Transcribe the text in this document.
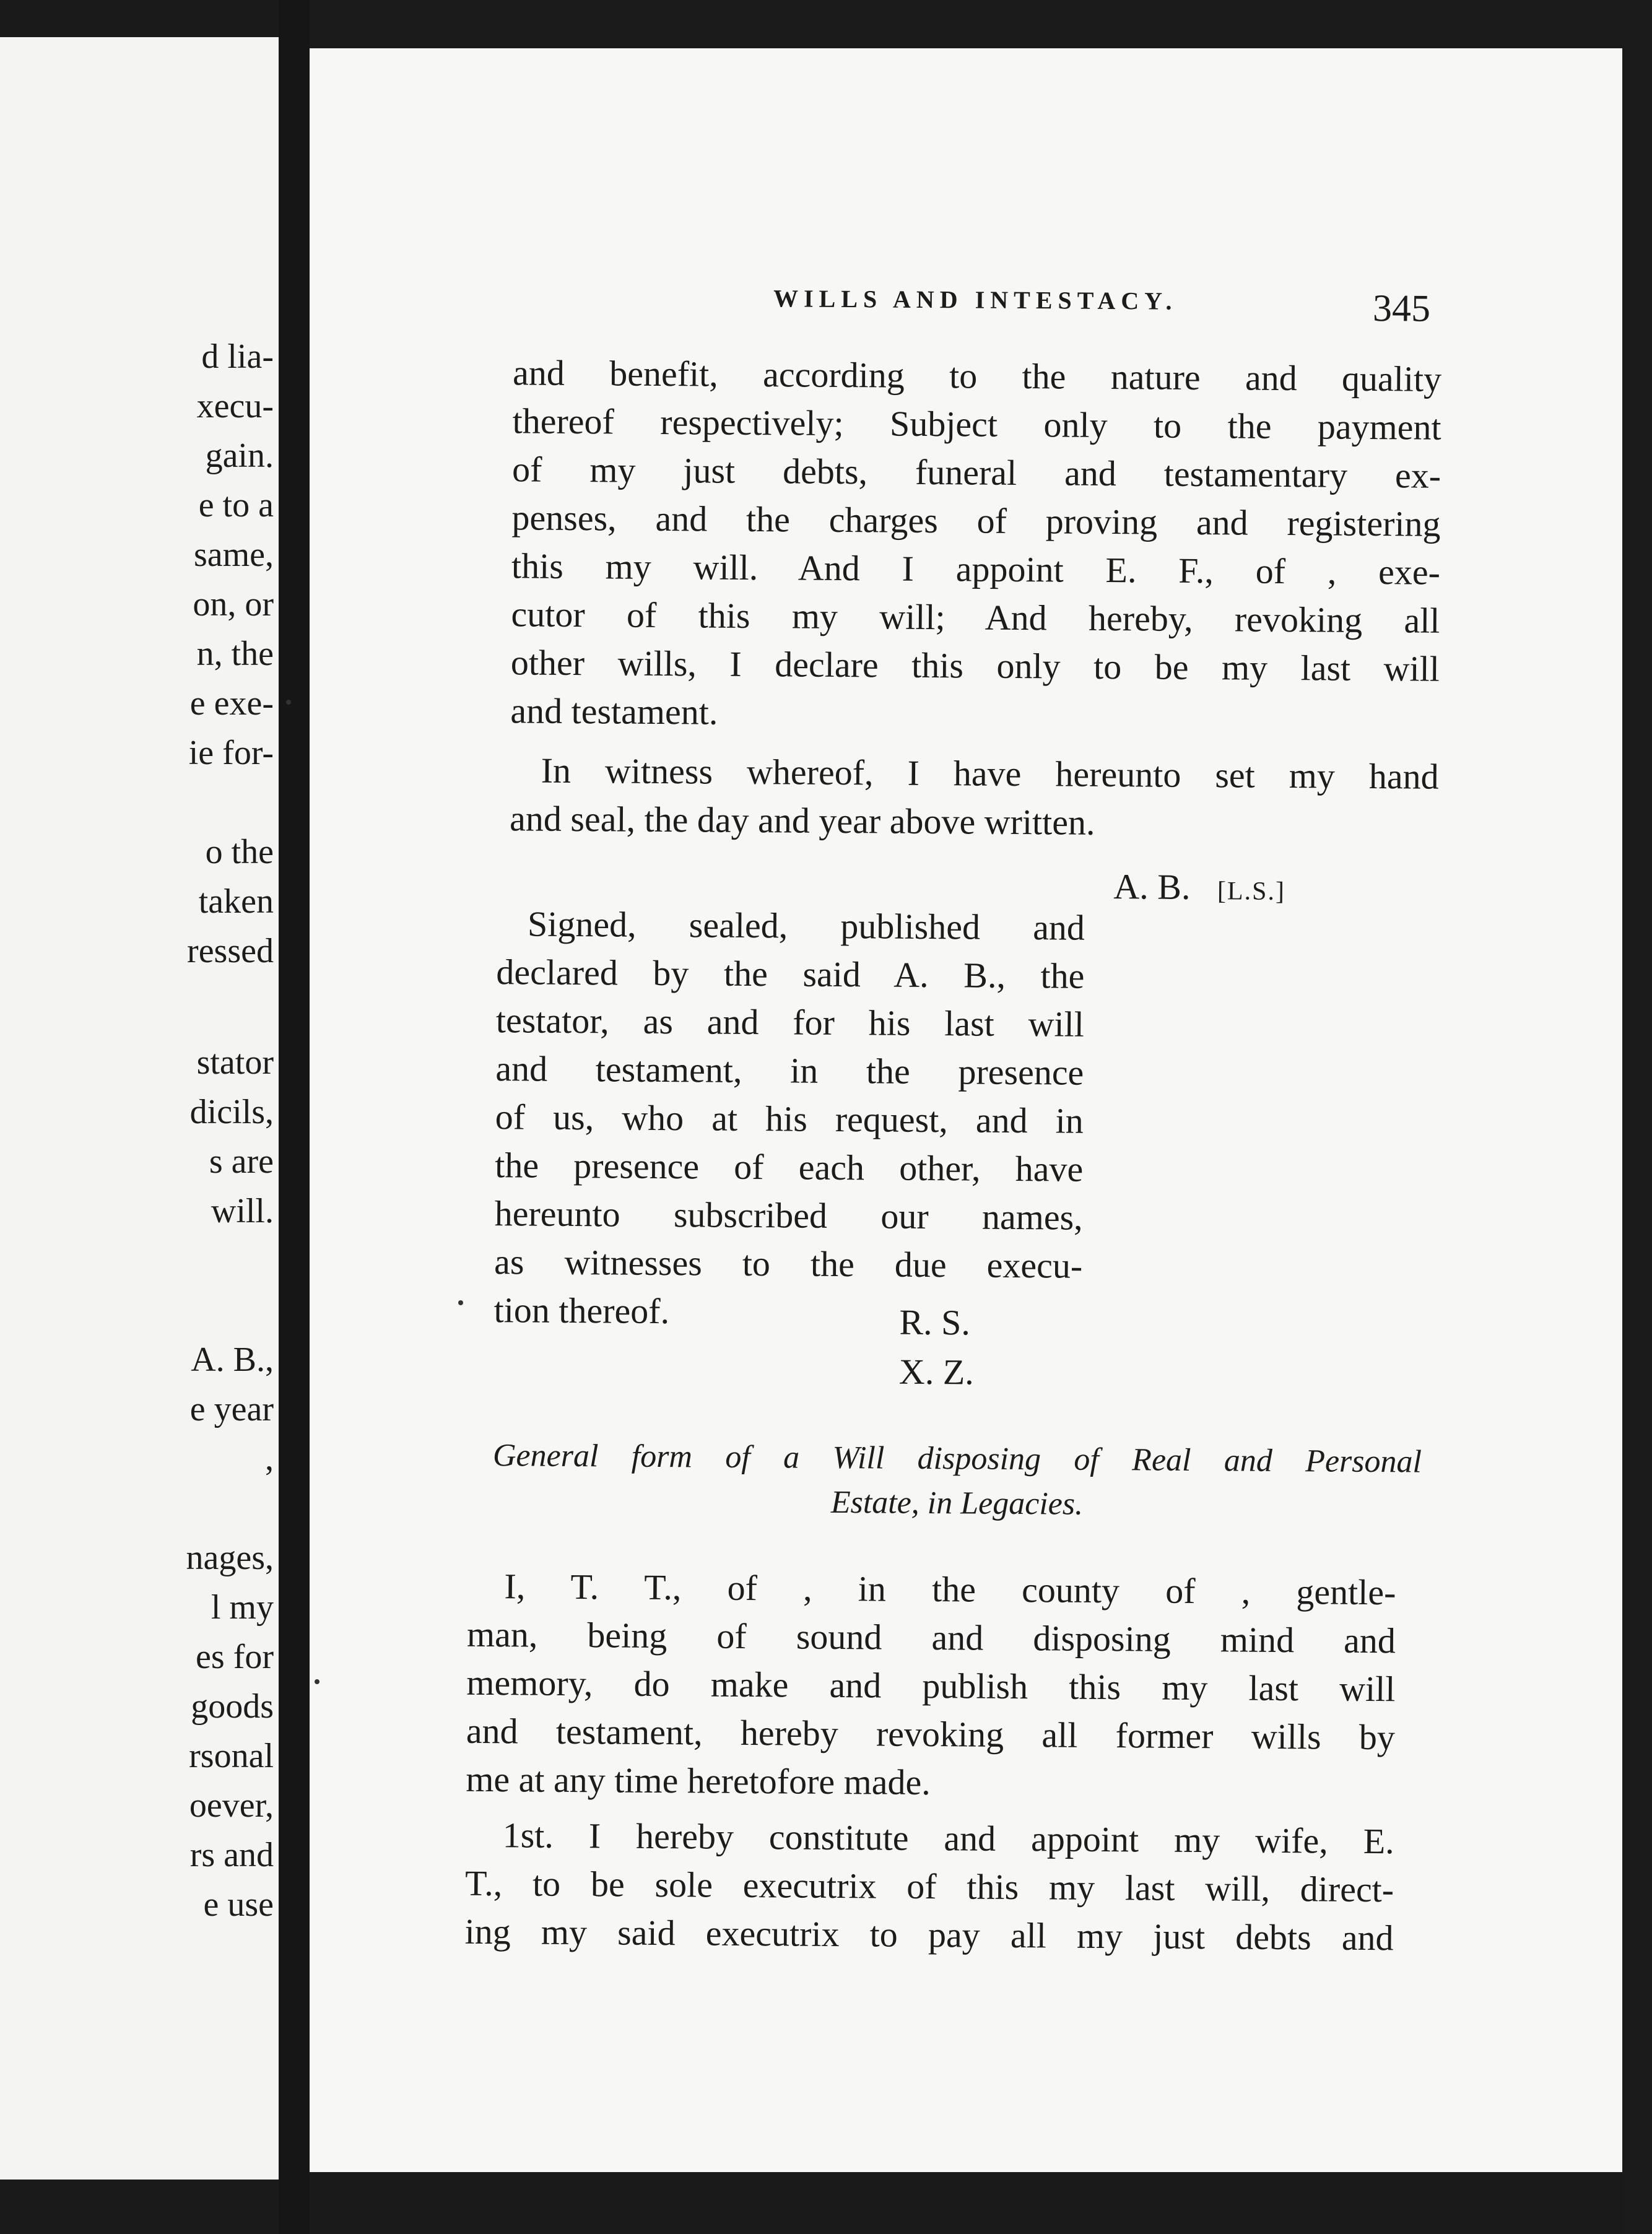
d lia-
xecu-
gain.
e to a
same,
on, or
n, the
e exe-
ie for-
o the
taken
ressed
stator
dicils,
s are
will.
A. B.,
e year
,
nages,
l my
es for
goods
rsonal
oever,
rs and
e use
WILLS AND INTESTACY.	345
and benefit, according to the nature and quality
thereof respectively; Subject only to the payment
of my just debts, funeral and testamentary ex-
penses, and the charges of proving and registering
this my will. And I appoint E. F., of , exe-
cutor of this my will; And hereby, revoking all
other wills, I declare this only to be my last will
and testament.
In witness whereof, I have hereunto set my hand
and seal, the day and year above written.
A. B. [L.S.]
Signed, sealed, published and
declared by the said A. B., the
testator, as and for his last will
and testament, in the presence
of us, who at his request, and in
the presence of each other, have
hereunto subscribed our names,
as witnesses to the due execu-
tion thereof.	R. S.
X. Z.
General form of a Will disposing of Real and Personal
Estate, in Legacies.
I, T. T., of , in the county of , gentle-
man, being of sound and disposing mind and
memory, do make and publish this my last will
and testament, hereby revoking all former wills by
me at any time heretofore made.
1st. I hereby constitute and appoint my wife, E.
T., to be sole executrix of this my last will, direct-
ing my said executrix to pay all my just debts and
